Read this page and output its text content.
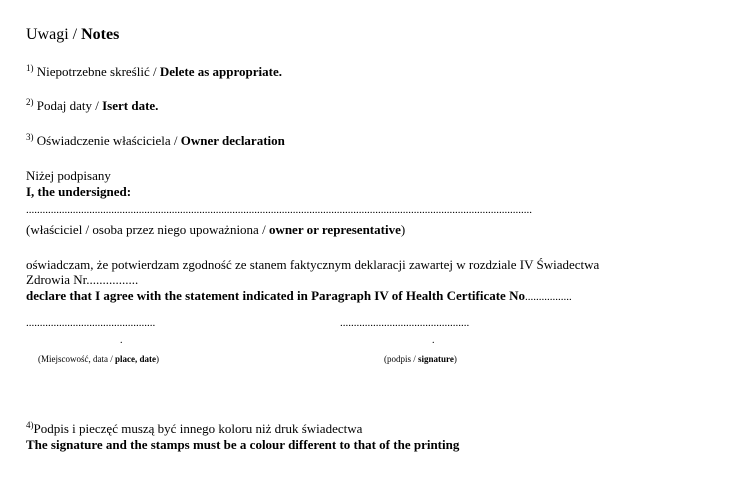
Uwagi / Notes
$^{1)}$ Niepotrzebne skreślić / Delete as appropriate.
$^{2)}$ Podaj daty / Isert date.
$^{3)}$ Oświadczenie właściciela / Owner declaration
Niżej podpisany
I, the undersigned:
........................................................................................................................................................................................
(właściciel / osoba przez niego upoważniona / owner or representative)
oświadczam, że potwierdzam zgodność ze stanem faktycznym deklaracji zawartej w rozdziale IV Świadectwa
Zdrowia Nr................
declare that I agree with the statement indicated in Paragraph IV of Health Certificate No.................
...............................................	...............................................
.	.
(Miejscowość, data / place, date)	(podpis / signature)
$^{4)}$Podpis i pieczęć muszą być innego koloru niż druk świadectwa
The signature and the stamps must be a colour different to that of the printing
